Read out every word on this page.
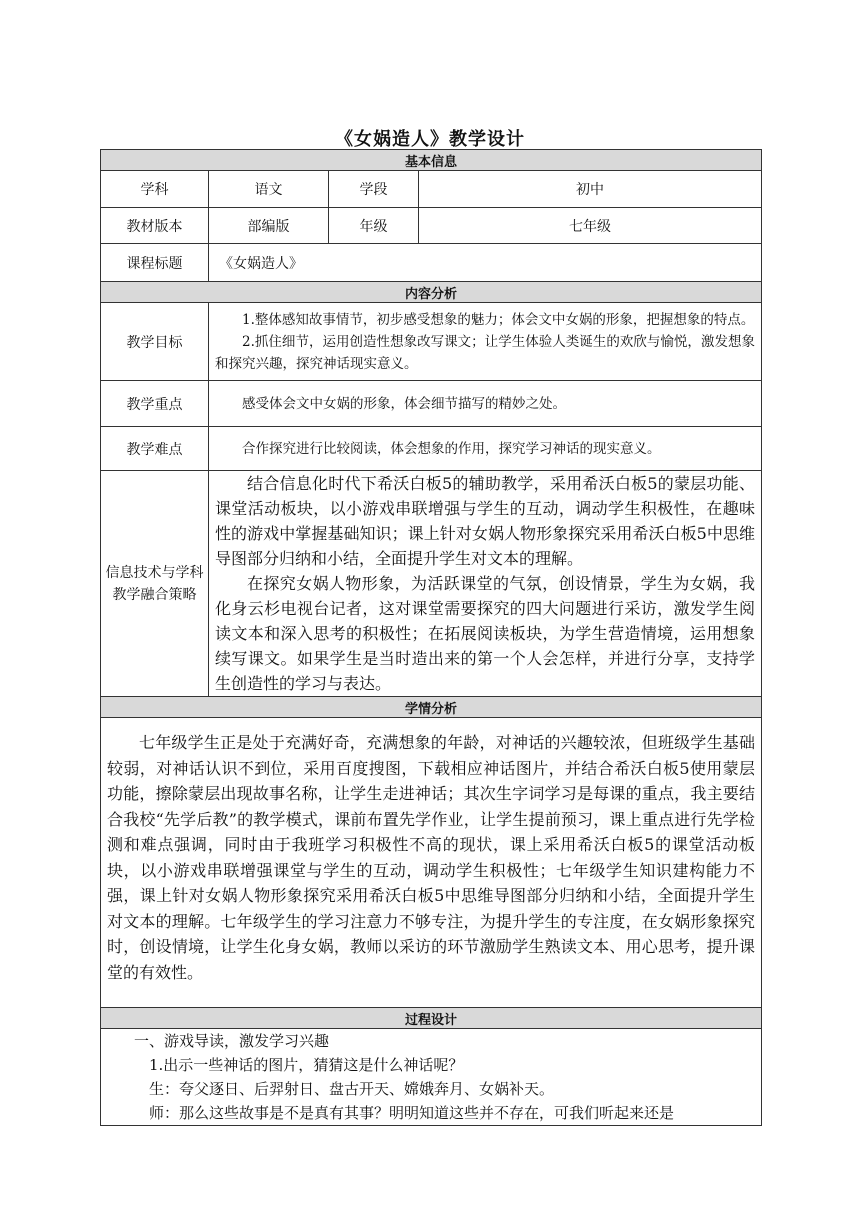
《女娲造人》教学设计
基本信息			
学科	语文	学段	初中
教材版本	部编版	年级	七年级
课程标题	《女娲造人》		
内容分析			
教学目标	1.整体感知故事情节，初步感受想象的魅力；体会文中女娲的形象，把握想象的特点。

2.抓住细节，运用创造性想象改写课文；让学生体验人类诞生的欢欣与愉悦，激发想象和探究兴趣，探究神话现实意义。		

教学重点	感受体会文中女娲的形象，体会细节描写的精妙之处。		

教学难点	合作探究进行比较阅读，体会想象的作用，探究学习神话的现实意义。		

信息技术与学科教学融合策略	结合信息化时代下希沃白板5的辅助教学，采用希沃白板5的蒙层功能、课堂活动板块，以小游戏串联增强与学生的互动，调动学生积极性，在趣味性的游戏中掌握基础知识；课上针对女娲人物形象探究采用希沃白板5中思维导图部分归纳和小结，全面提升学生对文本的理解。

在探究女娲人物形象，为活跃课堂的气氛，创设情景，学生为女娲，我化身云杉电视台记者，这对课堂需要探究的四大问题进行采访，激发学生阅读文本和深入思考的积极性；在拓展阅读板块，为学生营造情境，运用想象续写课文。如果学生是当时造出来的第一个人会怎样，并进行分享，支持学生创造性的学习与表达。		

学情分析			

七年级学生正是处于充满好奇，充满想象的年龄，对神话的兴趣较浓，但班级学生基础较弱，对神话认识不到位，采用百度搜图，下载相应神话图片，并结合希沃白板5使用蒙层功能，擦除蒙层出现故事名称，让学生走进神话；其次生字词学习是每课的重点，我主要结合我校“先学后教”的教学模式，课前布置先学作业，让学生提前预习，课上重点进行先学检测和难点强调，同时由于我班学习积极性不高的现状，课上采用希沃白板5的课堂活动板块，以小游戏串联增强课堂与学生的互动，调动学生积极性；七年级学生知识建构能力不强，课上针对女娲人物形象探究采用希沃白板5中思维导图部分归纳和小结，全面提升学生对文本的理解。七年级学生的学习注意力不够专注，为提升学生的专注度，在女娲形象探究时，创设情境，让学生化身女娲，教师以采访的环节激励学生熟读文本、用心思考，提升课堂的有效性。			

过程设计			

一、游戏导读，激发学习兴趣

1.出示一些神话的图片，猜猜这是什么神话呢？

生：夸父逐日、后羿射日、盘古开天、嫦娥奔月、女娲补天。

师：那么这些故事是不是真有其事？明明知道这些并不存在，可我们听起来还是			
